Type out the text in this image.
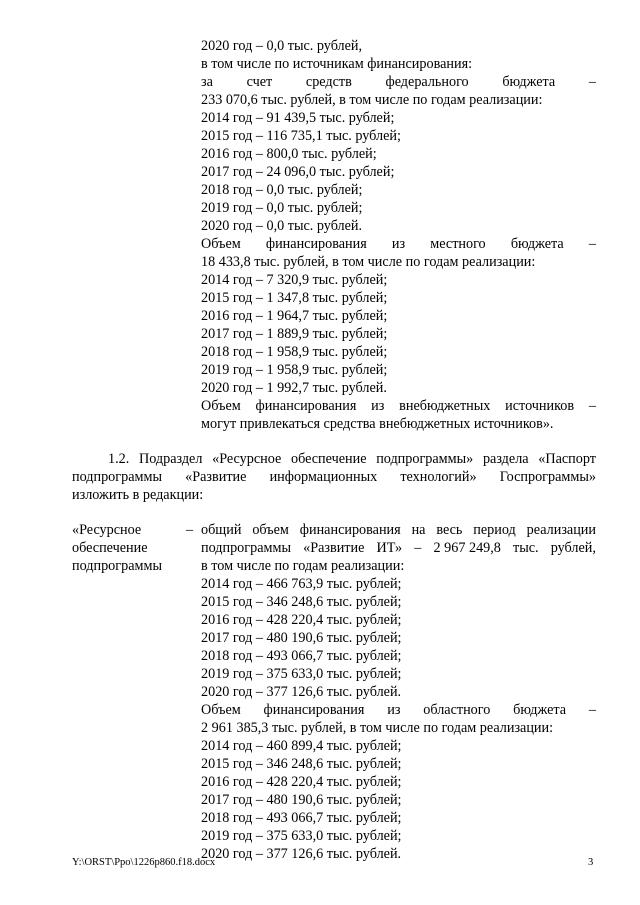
2020 год – 0,0 тыс. рублей,
в том числе по источникам финансирования:
за счет средств федерального бюджета –
233 070,6 тыс. рублей, в том числе по годам реализации:
2014 год – 91 439,5 тыс. рублей;
2015 год – 116 735,1 тыс. рублей;
2016 год – 800,0 тыс. рублей;
2017 год – 24 096,0 тыс. рублей;
2018 год – 0,0 тыс. рублей;
2019 год – 0,0 тыс. рублей;
2020 год – 0,0 тыс. рублей.
Объем финансирования из местного бюджета –
18 433,8 тыс. рублей, в том числе по годам реализации:
2014 год – 7 320,9 тыс. рублей;
2015 год – 1 347,8 тыс. рублей;
2016 год – 1 964,7 тыс. рублей;
2017 год – 1 889,9 тыс. рублей;
2018 год – 1 958,9 тыс. рублей;
2019 год – 1 958,9 тыс. рублей;
2020 год – 1 992,7 тыс. рублей.
Объем финансирования из внебюджетных источников –
могут привлекаться средства внебюджетных источников».
1.2. Подраздел «Ресурсное обеспечение подпрограммы» раздела «Паспорт
подпрограммы «Развитие информационных технологий» Госпрограммы»
изложить в редакции:
«Ресурсное
обеспечение
подпрограммы
– общий объем финансирования на весь период реализации
подпрограммы «Развитие ИТ» – 2 967 249,8 тыс. рублей,
в том числе по годам реализации:
2014 год – 466 763,9 тыс. рублей;
2015 год – 346 248,6 тыс. рублей;
2016 год – 428 220,4 тыс. рублей;
2017 год – 480 190,6 тыс. рублей;
2018 год – 493 066,7 тыс. рублей;
2019 год – 375 633,0 тыс. рублей;
2020 год – 377 126,6 тыс. рублей.
Объем финансирования из областного бюджета –
2 961 385,3 тыс. рублей, в том числе по годам реализации:
2014 год – 460 899,4 тыс. рублей;
2015 год – 346 248,6 тыс. рублей;
2016 год – 428 220,4 тыс. рублей;
2017 год – 480 190,6 тыс. рублей;
2018 год – 493 066,7 тыс. рублей;
2019 год – 375 633,0 тыс. рублей;
2020 год – 377 126,6 тыс. рублей.
Y:\ORST\Ppo\1226p860.f18.docx	3
